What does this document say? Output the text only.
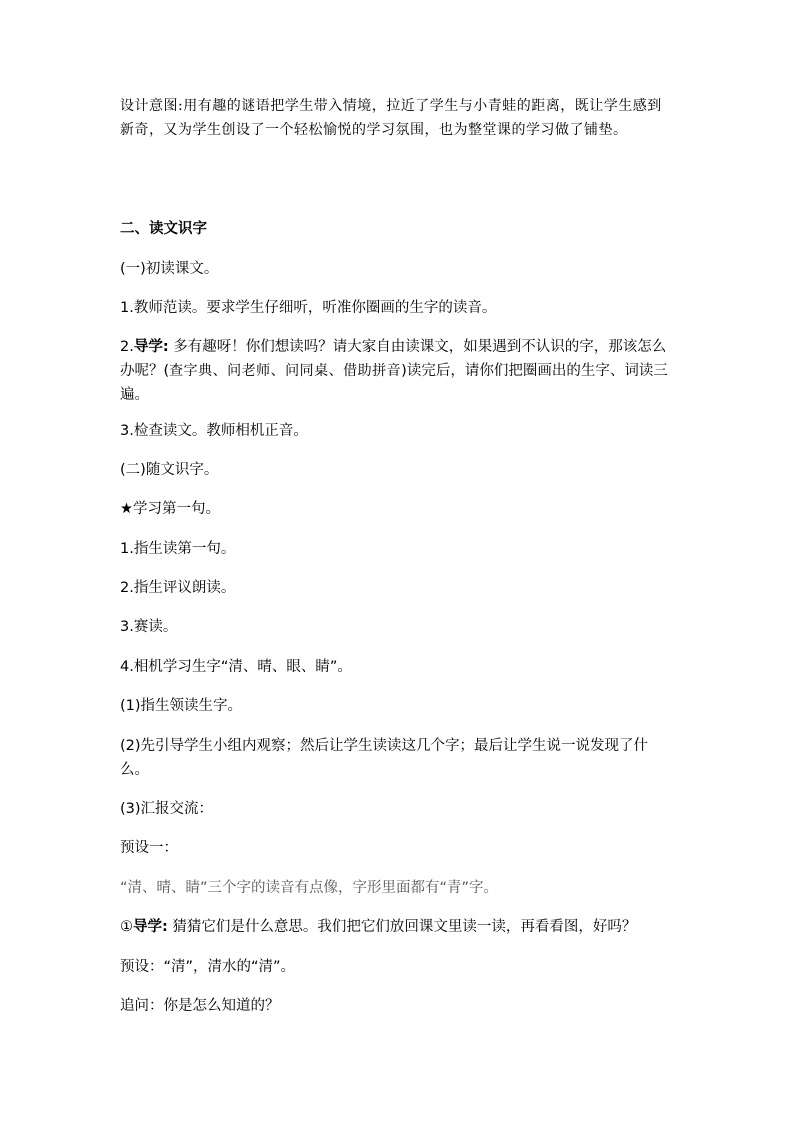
设计意图:用有趣的谜语把学生带入情境，拉近了学生与小青蛙的距离，既让学生感到新奇，又为学生创设了一个轻松愉悦的学习氛围，也为整堂课的学习做了铺垫。

二、读文识字

(一)初读课文。

1.教师范读。要求学生仔细听，听准你圈画的生字的读音。

2.导学: 多有趣呀！你们想读吗？请大家自由读课文，如果遇到不认识的字，那该怎么办呢？(查字典、问老师、问同桌、借助拼音)读完后，请你们把圈画出的生字、词读三遍。

3.检查读文。教师相机正音。

(二)随文识字。

★学习第一句。

1.指生读第一句。

2.指生评议朗读。

3.赛读。

4.相机学习生字“清、晴、眼、睛”。

(1)指生领读生字。

(2)先引导学生小组内观察；然后让学生读读这几个字；最后让学生说一说发现了什么。

(3)汇报交流：

预设一：

“清、晴、睛”三个字的读音有点像，字形里面都有“青”字。

①导学: 猜猜它们是什么意思。我们把它们放回课文里读一读，再看看图，好吗？

预设：“清”，清水的“清”。

追问：你是怎么知道的？
